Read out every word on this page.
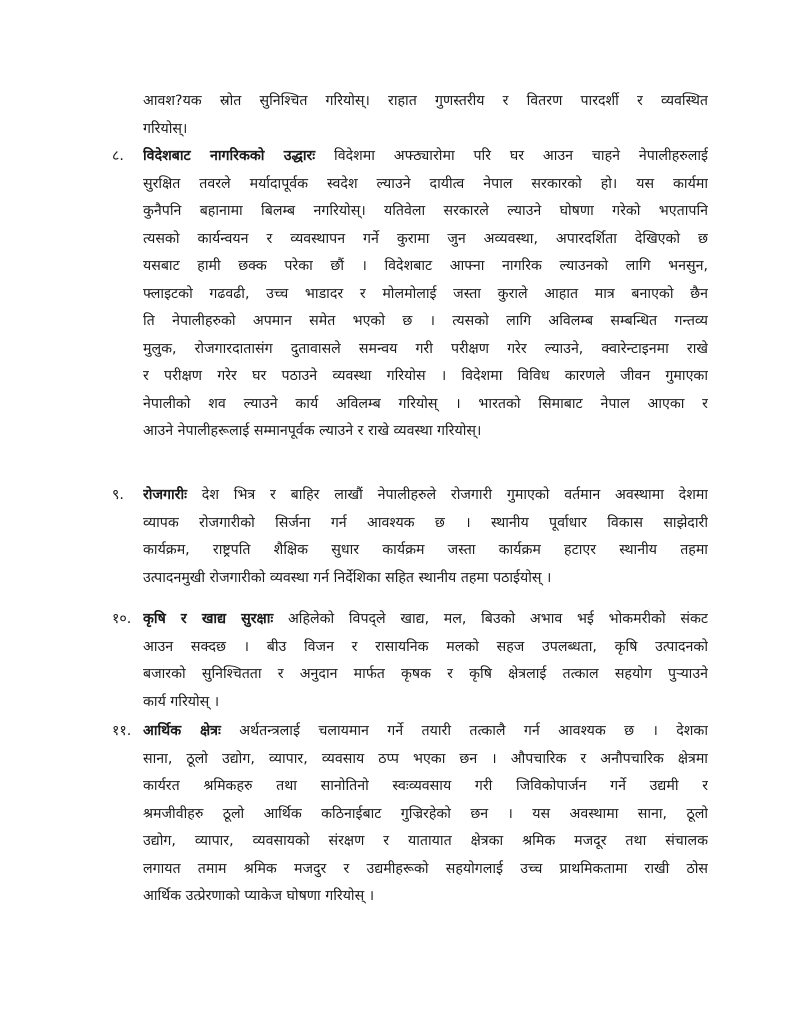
आवश?यक स्रोत सुनिश्चित गरियोस्। राहात गुणस्तरीय र वितरण पारदर्शी र व्यवस्थित
गरियोस्।
८.	विदेशबाट नागरिकको उद्धारः विदेशमा अफ्ठ्यारोमा परि घर आउन चाहने नेपालीहरुलाई
सुरक्षित तवरले मर्यादापूर्वक स्वदेश ल्याउने दायीत्व नेपाल सरकारको हो। यस कार्यमा
कुनैपनि बहानामा बिलम्ब नगरियोस्। यतिवेला सरकारले ल्याउने घोषणा गरेको भएतापनि
त्यसको कार्यन्वयन र व्यवस्थापन गर्ने कुरामा जुन अव्यवस्था, अपारदर्शिता देखिएको छ
यसबाट हामी छक्क परेका छौं । विदेशबाट आफ्ना नागरिक ल्याउनको लागि भनसुन,
फ्लाइटको गढवढी, उच्च भाडादर र मोलमोलाई जस्ता कुराले आहात मात्र बनाएको छैन
ति नेपालीहरुको अपमान समेत भएको छ । त्यसको लागि अविलम्ब सम्बन्धित गन्तव्य
मुलुक, रोजगारदातासंग दुतावासले समन्वय गरी परीक्षण गरेर ल्याउने, क्वारेन्टाइनमा राखे
र परीक्षण गरेर घर पठाउने व्यवस्था गरियोस । विदेशमा विविध कारणले जीवन गुमाएका
नेपालीको शव ल्याउने कार्य अविलम्ब गरियोस् । भारतको सिमाबाट नेपाल आएका र
आउने नेपालीहरूलाई सम्मानपूर्वक ल्याउने र राखे व्यवस्था गरियोस्।
९.	रोजगारीः देश भित्र र बाहिर लाखौं नेपालीहरुले रोजगारी गुमाएको वर्तमान अवस्थामा देशमा
व्यापक रोजगारीको सिर्जना गर्न आवश्यक छ । स्थानीय पूर्वाधार विकास साझेदारी
कार्यक्रम, राष्ट्रपति शैक्षिक सुधार कार्यक्रम जस्ता कार्यक्रम हटाएर स्थानीय तहमा
उत्पादनमुखी रोजगारीको व्यवस्था गर्न निर्देशिका सहित स्थानीय तहमा पठाईयोस् ।
१०. कृषि र खाद्य सुरक्षाः अहिलेको विपद्ले खाद्य, मल, बिउको अभाव भई भोकमरीको संकट
आउन सक्दछ । बीउ विजन र रासायनिक मलको सहज उपलब्धता, कृषि उत्पादनको
बजारको सुनिश्चितता र अनुदान मार्फत कृषक र कृषि क्षेत्रलाई तत्काल सहयोग पुऱ्याउने
कार्य गरियोस् ।
११. आर्थिक क्षेत्रः अर्थतन्त्रलाई चलायमान गर्ने तयारी तत्कालै गर्न आवश्यक छ । देशका
साना, ठूलो उद्योग, व्यापार, व्यवसाय ठप्प भएका छन । औपचारिक र अनौपचारिक क्षेत्रमा
कार्यरत श्रमिकहरु तथा सानोतिनो स्वःव्यवसाय गरी जिविकोपार्जन गर्ने उद्यमी र
श्रमजीवीहरु ठूलो आर्थिक कठिनाईबाट गुज्रिरहेको छन । यस अवस्थामा साना, ठूलो
उद्योग, व्यापार, व्यवसायको संरक्षण र यातायात क्षेत्रका श्रमिक मजदूर तथा संचालक
लगायत तमाम श्रमिक मजदुर र उद्यमीहरूको सहयोगलाई उच्च प्राथमिकतामा राखी ठोस
आर्थिक उत्प्रेरणाको प्याकेज घोषणा गरियोस् ।
